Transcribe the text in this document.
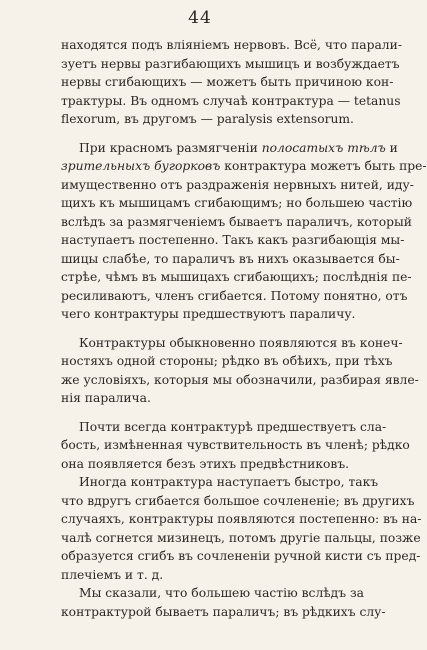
44
находятся подъ вліяніемъ нервовъ. Всё, что парали-
зуетъ нервы разгибающихъ мышицъ и возбуждаетъ
нервы сгибающихъ — можетъ быть причиною кон-
трактуры. Въ одномъ случаѣ контрактура — tetanus
flexorum, въ другомъ — paralysis extensorum.
При красномъ размягченіи полосатыхъ тѣлъ и
зрительныхъ бугорковъ контрактура можетъ быть пре-
имущественно отъ раздраженія нервныхъ нитей, иду-
щихъ къ мышицамъ сгибающимъ; но большею частію
вслѣдъ за размягченіемъ бываетъ параличъ, который
наступаетъ постепенно. Такъ какъ разгибающія мы-
шицы слабѣе, то параличъ въ нихъ оказывается бы-
стрѣе, чѣмъ въ мышицахъ сгибающихъ; послѣднія пе-
ресиливаютъ, членъ сгибается. Потому понятно, отъ
чего контрактуры предшествуютъ параличу.
Контрактуры обыкновенно появляются въ конеч-
ностяхъ одной стороны; рѣдко въ обѣихъ, при тѣхъ
же условіяхъ, которыя мы обозначили, разбирая явле-
нія паралича.
Почти всегда контрактурѣ предшествуетъ сла-
бость, измѣненная чувствительность въ членѣ; рѣдко
она появляется безъ этихъ предвѣстниковъ.
Иногда контрактура наступаетъ быстро, такъ
что вдругъ сгибается большое сочлененіе; въ другихъ
случаяхъ, контрактуры появляются постепенно: въ на-
чалѣ согнется мизинецъ, потомъ другіе пальцы, позже
образуется сгибъ въ сочлененіи ручной кисти съ пред-
плечіемъ и т. д.
Мы сказали, что большею частію вслѣдъ за
контрактурой бываетъ параличъ; въ рѣдкихъ слу-
